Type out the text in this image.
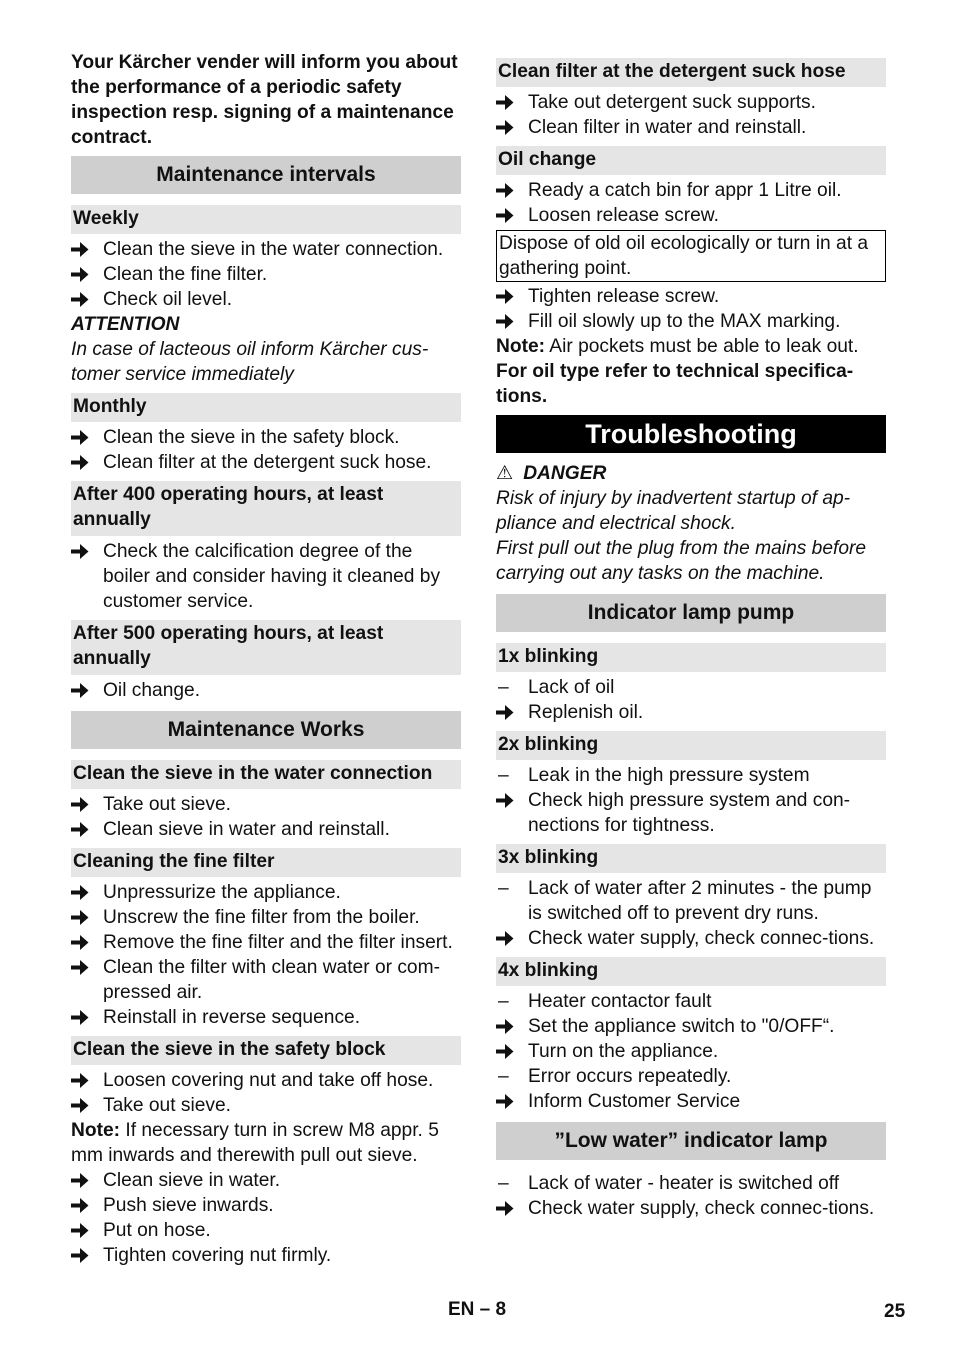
Your Kärcher vender will inform you about the performance of a periodic safety inspection resp. signing of a maintenance contract.

Maintenance intervals
Weekly
Clean the sieve in the water connection.
Clean the fine filter.
Check oil level.
ATTENTION
In case of lacteous oil inform Kärcher cus-tomer service immediately
Monthly
Clean the sieve in the safety block.
Clean filter at the detergent suck hose.
After 400 operating hours, at least annually
Check the calcification degree of the boiler and consider having it cleaned by customer service.
After 500 operating hours, at least annually
Oil change.
Maintenance Works
Clean the sieve in the water connection
Take out sieve.
Clean sieve in water and reinstall.
Cleaning the fine filter
Unpressurize the appliance.
Unscrew the fine filter from the boiler.
Remove the fine filter and the filter insert.
Clean the filter with clean water or com-pressed air.
Reinstall in reverse sequence.
Clean the sieve in the safety block
Loosen covering nut and take off hose.
Take out sieve.

Note: If necessary turn in screw M8 appr. 5 mm inwards and therewith pull out sieve.

Clean sieve in water.
Push sieve inwards.
Put on hose.
Tighten covering nut firmly.
Clean filter at the detergent suck hose
Take out detergent suck supports.
Clean filter in water and reinstall.
Oil change
Ready a catch bin for appr 1 Litre oil.
Loosen release screw.
Dispose of old oil ecologically or turn in at a gathering point.
Tighten release screw.
Fill oil slowly up to the MAX marking.

Note: Air pockets must be able to leak out.

For oil type refer to technical specifica-tions.

Troubleshooting
⚠ DANGER
Risk of injury by inadvertent startup of ap-pliance and electrical shock.
First pull out the plug from the mains before carrying out any tasks on the machine.
Indicator lamp pump
1x blinking
–	Lack of oil
Replenish oil.
2x blinking
–	Leak in the high pressure system
Check high pressure system and con-nections for tightness.
3x blinking
–	Lack of water after 2 minutes - the pump is switched off to prevent dry runs.
Check water supply, check connec-tions.
4x blinking
–	Heater contactor fault
Set the appliance switch to "0/OFF“.
Turn on the appliance.
–	Error occurs repeatedly.
Inform Customer Service
”Low water” indicator lamp
–	Lack of water - heater is switched off
Check water supply, check connec-tions.
EN – 8	25
